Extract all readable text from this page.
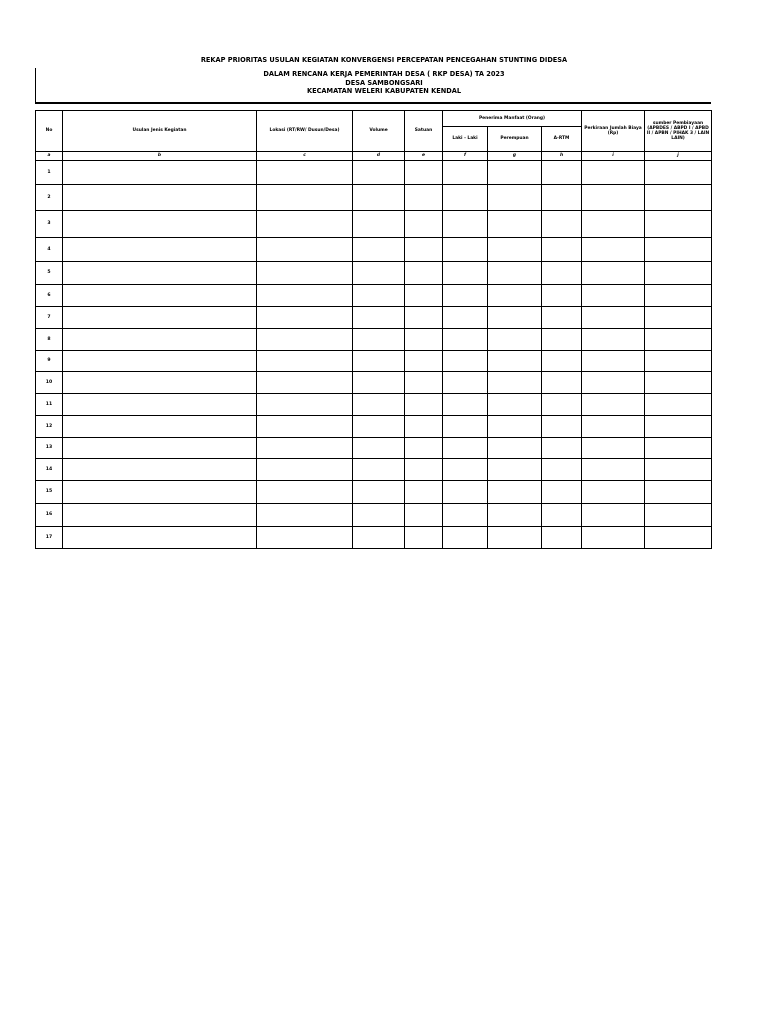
REKAP PRIORITAS USULAN KEGIATAN KONVERGENSI PERCEPATAN PENCEGAHAN STUNTING DIDESA
DALAM RENCANA KERJA PEMERINTAH DESA ( RKP DESA) TA 2023
DESA SAMBONGSARI
KECAMATAN WELERI KABUPATEN KENDAL
No	Usulan Jenis Kegiatan	Lokasi (RT/RW/ Dusun/Desa)	Volume	Satuan	Penerima Manfaat (Orang)			Perkiraan Jumlah Biaya (Rp)	sumber Pembiayaan (APBDES / ABPD I / APBD II / APBN / PIHAK 3 / LAIN LAIN)
					Laki - Laki	Perempuan	A-RTM		
a	b	c	d	e	f	g	h	i	j
1									
2									
3									
4									
5									
6									
7									
8									
9									
10									
11									
12									
13									
14									
15									
16									
17									
